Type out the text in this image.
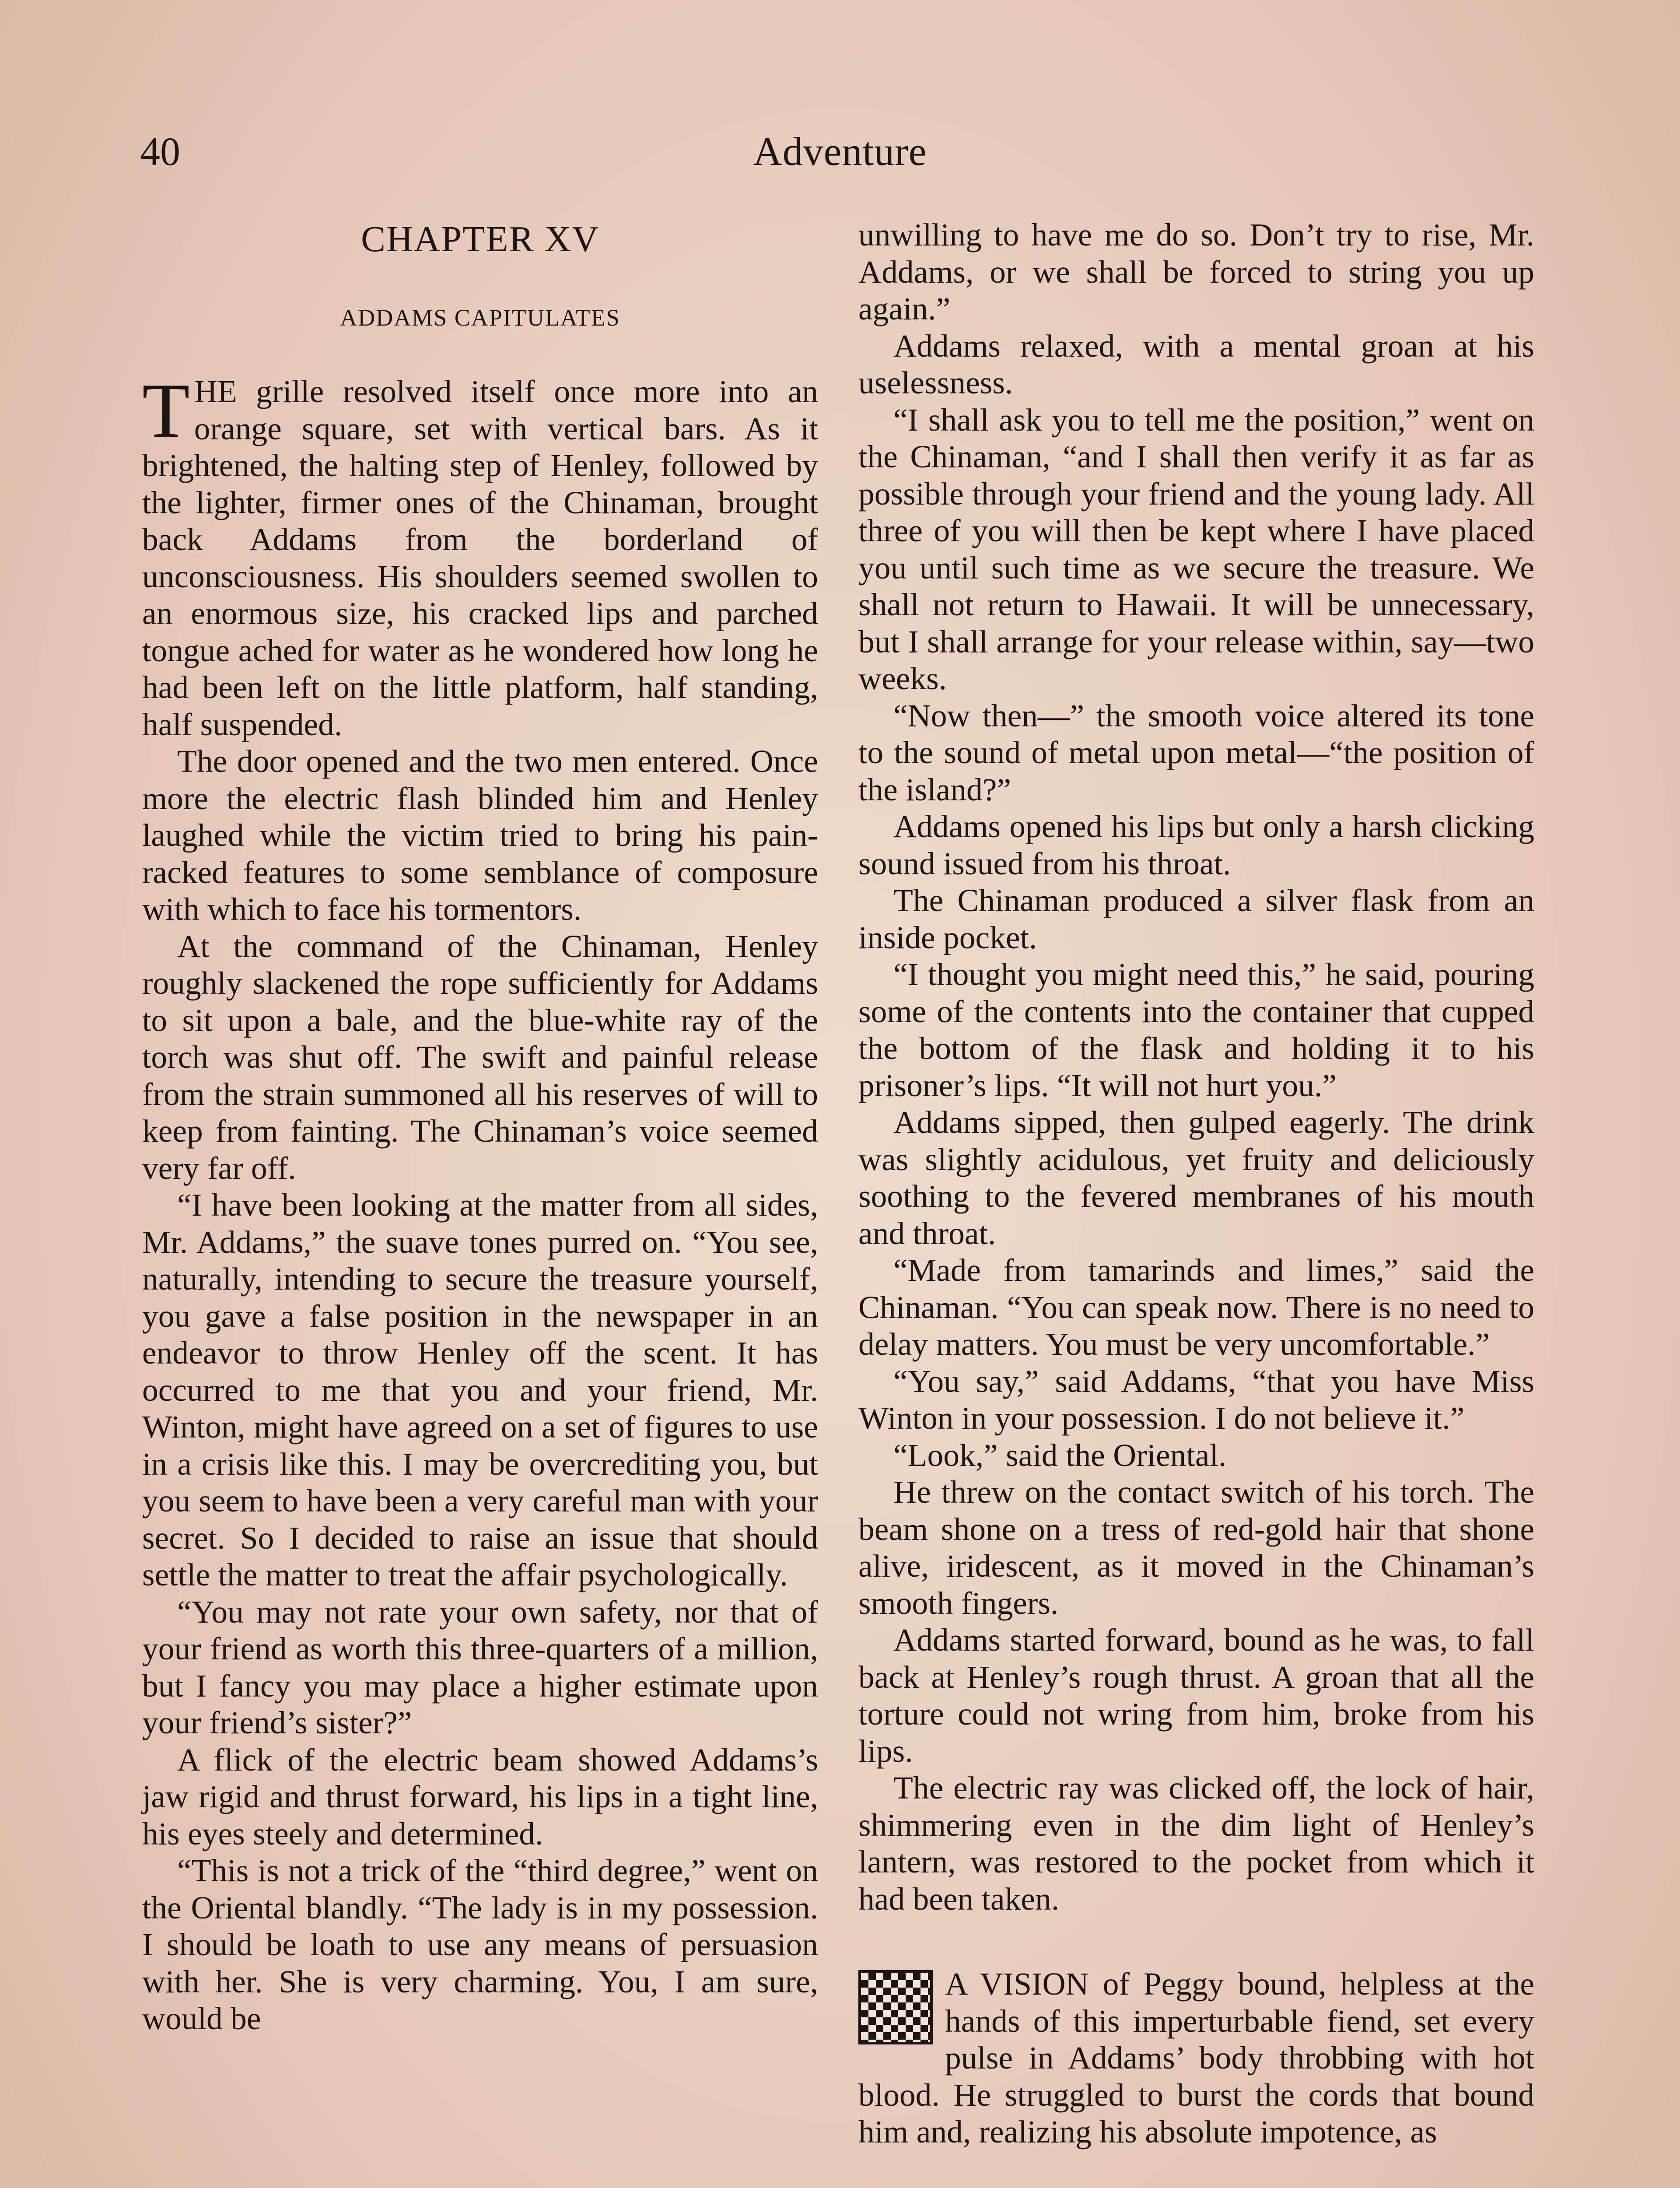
40	Adventure
CHAPTER XV
ADDAMS CAPITULATES

THE grille resolved itself once more into an orange square, set with vertical bars. As it brightened, the halting step of Henley, followed by the lighter, firmer ones of the Chinaman, brought back Addams from the borderland of unconsciousness. His shoulders seemed swollen to an enormous size, his cracked lips and parched tongue ached for water as he wondered how long he had been left on the little platform, half standing, half suspended.

The door opened and the two men entered. Once more the electric flash blinded him and Henley laughed while the victim tried to bring his pain-racked features to some semblance of composure with which to face his tormentors.

At the command of the Chinaman, Henley roughly slackened the rope sufficiently for Addams to sit upon a bale, and the blue-white ray of the torch was shut off. The swift and painful release from the strain summoned all his reserves of will to keep from fainting. The Chinaman’s voice seemed very far off.

“I have been looking at the matter from all sides, Mr. Addams,” the suave tones purred on. “You see, naturally, intending to secure the treasure yourself, you gave a false position in the newspaper in an endeavor to throw Henley off the scent. It has occurred to me that you and your friend, Mr. Winton, might have agreed on a set of figures to use in a crisis like this. I may be overcrediting you, but you seem to have been a very careful man with your secret. So I decided to raise an issue that should settle the matter to treat the affair psychologically.

“You may not rate your own safety, nor that of your friend as worth this three-quarters of a million, but I fancy you may place a higher estimate upon your friend’s sister?”

A flick of the electric beam showed Addams’s jaw rigid and thrust forward, his lips in a tight line, his eyes steely and determined.

“This is not a trick of the “third degree,” went on the Oriental blandly. “The lady is in my possession. I should be loath to use any means of persuasion with her. She is very charming. You, I am sure, would be

unwilling to have me do so. Don’t try to rise, Mr. Addams, or we shall be forced to string you up again.”

Addams relaxed, with a mental groan at his uselessness.

“I shall ask you to tell me the position,” went on the Chinaman, “and I shall then verify it as far as possible through your friend and the young lady. All three of you will then be kept where I have placed you until such time as we secure the treasure. We shall not return to Hawaii. It will be unnecessary, but I shall arrange for your release within, say—two weeks.

“Now then—” the smooth voice altered its tone to the sound of metal upon metal—“the position of the island?”

Addams opened his lips but only a harsh clicking sound issued from his throat.

The Chinaman produced a silver flask from an inside pocket.

“I thought you might need this,” he said, pouring some of the contents into the container that cupped the bottom of the flask and holding it to his prisoner’s lips. “It will not hurt you.”

Addams sipped, then gulped eagerly. The drink was slightly acidulous, yet fruity and deliciously soothing to the fevered membranes of his mouth and throat.

“Made from tamarinds and limes,” said the Chinaman. “You can speak now. There is no need to delay matters. You must be very uncomfortable.”

“You say,” said Addams, “that you have Miss Winton in your possession. I do not believe it.”

“Look,” said the Oriental.

He threw on the contact switch of his torch. The beam shone on a tress of red-gold hair that shone alive, iridescent, as it moved in the Chinaman’s smooth fingers.

Addams started forward, bound as he was, to fall back at Henley’s rough thrust. A groan that all the torture could not wring from him, broke from his lips.

The electric ray was clicked off, the lock of hair, shimmering even in the dim light of Henley’s lantern, was restored to the pocket from which it had been taken.

A VISION of Peggy bound, helpless at the hands of this imperturbable fiend, set every pulse in Addams’ body throbbing with hot blood. He struggled to burst the cords that bound him and, realizing his absolute impotence, as
